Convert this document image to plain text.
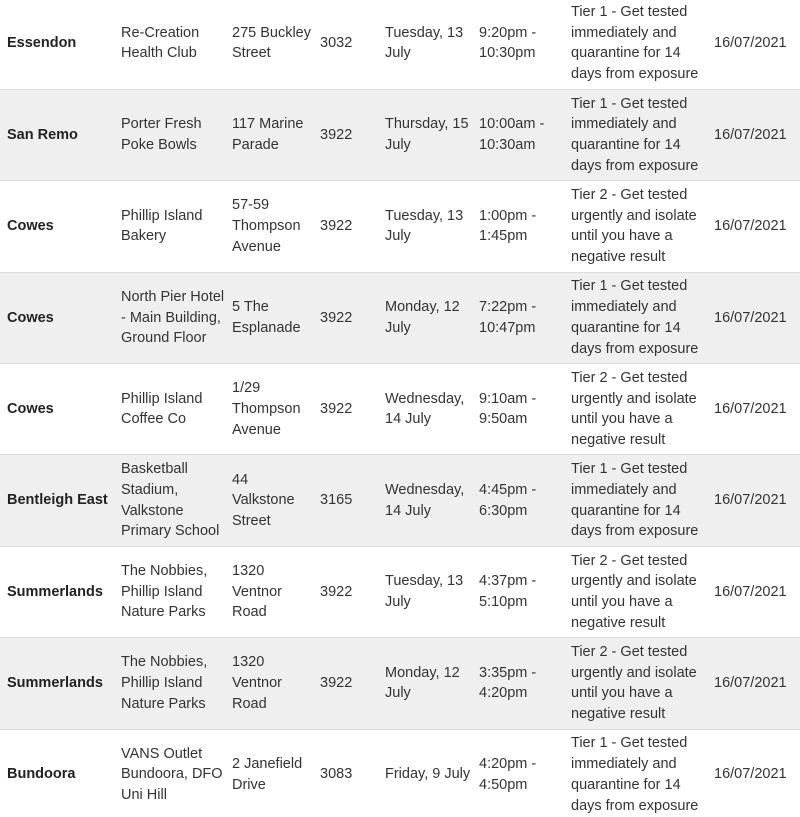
Essendon	Re-Creation Health Club	275 Buckley Street	3032	Tuesday, 13 July	9:20pm - 10:30pm	Tier 1 - Get tested immediately and quarantine for 14 days from exposure	16/07/2021
San Remo	Porter Fresh Poke Bowls	117 Marine Parade	3922	Thursday, 15 July	10:00am - 10:30am	Tier 1 - Get tested immediately and quarantine for 14 days from exposure	16/07/2021
Cowes	Phillip Island Bakery	57-59 Thompson Avenue	3922	Tuesday, 13 July	1:00pm - 1:45pm	Tier 2 - Get tested urgently and isolate until you have a negative result	16/07/2021
Cowes	North Pier Hotel - Main Building, Ground Floor	5 The Esplanade	3922	Monday, 12 July	7:22pm - 10:47pm	Tier 1 - Get tested immediately and quarantine for 14 days from exposure	16/07/2021
Cowes	Phillip Island Coffee Co	1/29 Thompson Avenue	3922	Wednesday, 14 July	9:10am - 9:50am	Tier 2 - Get tested urgently and isolate until you have a negative result	16/07/2021
Bentleigh East	Basketball Stadium, Valkstone Primary School	44 Valkstone Street	3165	Wednesday, 14 July	4:45pm - 6:30pm	Tier 1 - Get tested immediately and quarantine for 14 days from exposure	16/07/2021
Summerlands	The Nobbies, Phillip Island Nature Parks	1320 Ventnor Road	3922	Tuesday, 13 July	4:37pm - 5:10pm	Tier 2 - Get tested urgently and isolate until you have a negative result	16/07/2021
Summerlands	The Nobbies, Phillip Island Nature Parks	1320 Ventnor Road	3922	Monday, 12 July	3:35pm - 4:20pm	Tier 2 - Get tested urgently and isolate until you have a negative result	16/07/2021
Bundoora	VANS Outlet Bundoora, DFO Uni Hill	2 Janefield Drive	3083	Friday, 9 July	4:20pm - 4:50pm	Tier 1 - Get tested immediately and quarantine for 14 days from exposure	16/07/2021
